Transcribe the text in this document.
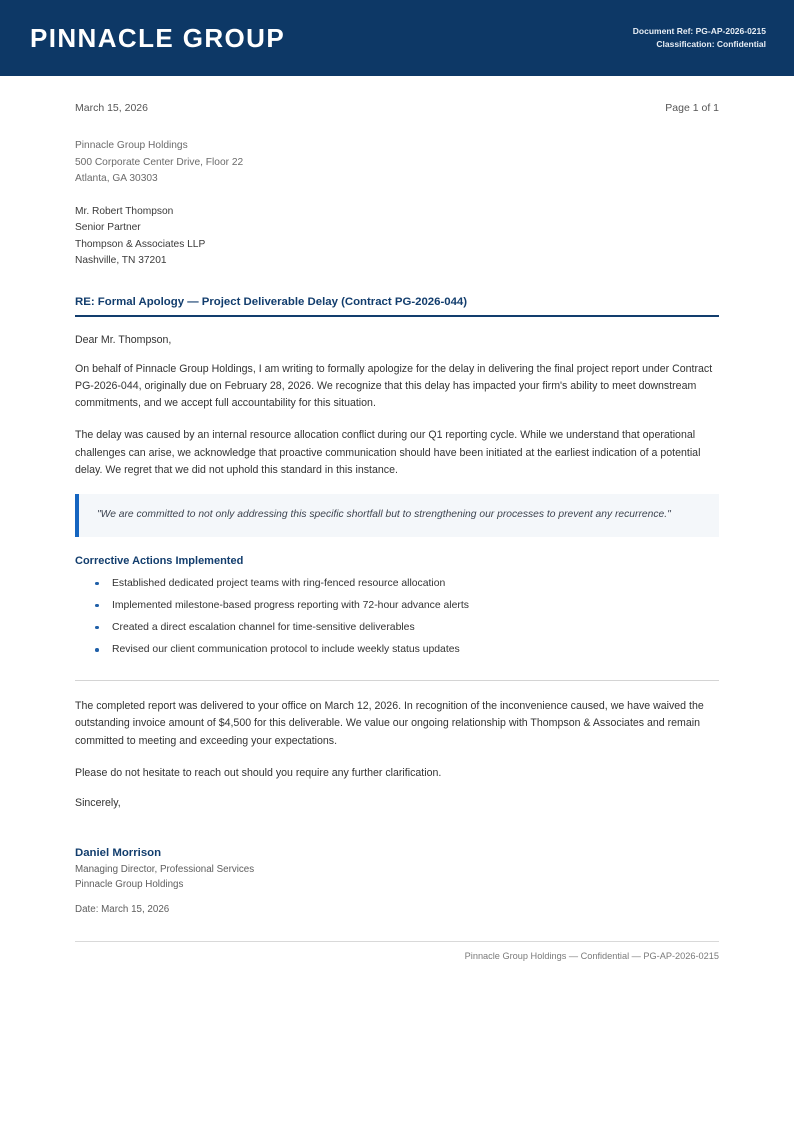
PINNACLE GROUP	Document Ref: PG-AP-2026-0215
Classification: Confidential
March 15, 2026	Page 1 of 1
Pinnacle Group Holdings
500 Corporate Center Drive, Floor 22
Atlanta, GA 30303
Mr. Robert Thompson
Senior Partner
Thompson & Associates LLP
Nashville, TN 37201
RE: Formal Apology — Project Deliverable Delay (Contract PG-2026-044)
Dear Mr. Thompson,

On behalf of Pinnacle Group Holdings, I am writing to formally apologize for the delay in delivering the final project report under Contract PG-2026-044, originally due on February 28, 2026. We recognize that this delay has impacted your firm's ability to meet downstream commitments, and we accept full accountability for this situation.

The delay was caused by an internal resource allocation conflict during our Q1 reporting cycle. While we understand that operational challenges can arise, we acknowledge that proactive communication should have been initiated at the earliest indication of a potential delay. We regret that we did not uphold this standard in this instance.

"We are committed to not only addressing this specific shortfall but to strengthening our processes to prevent any recurrence."

Corrective Actions Implemented
Established dedicated project teams with ring-fenced resource allocation
Implemented milestone-based progress reporting with 72-hour advance alerts
Created a direct escalation channel for time-sensitive deliverables
Revised our client communication protocol to include weekly status updates

The completed report was delivered to your office on March 12, 2026. In recognition of the inconvenience caused, we have waived the outstanding invoice amount of $4,500 for this deliverable. We value our ongoing relationship with Thompson & Associates and remain committed to meeting and exceeding your expectations.

Please do not hesitate to reach out should you require any further clarification.

Sincerely,
Daniel Morrison
Managing Director, Professional Services
Pinnacle Group Holdings
Date: March 15, 2026
Pinnacle Group Holdings — Confidential — PG-AP-2026-0215
